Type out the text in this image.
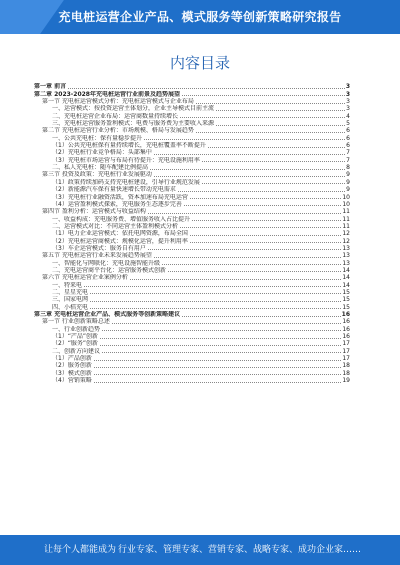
充电桩运营企业产品、模式服务等创新策略研究报告
内容目录
第一章 前言	3
第二章 2023-2028年充电桩运营行业前景及趋势展望	3
第一节 充电桩运营模式分析：充电桩运营模式与企业布局	3
一、运营模式：按投资运营主体划分，企业主导模式目前主流	3
二、充电桩运营企业布局：运营商数量持续增长	4
三、充电桩运营服务盈利模式：电费与服务费为主要收入来源	5
第二节 充电桩运营行业分析：市场规模、格局与发展趋势	6
一、公共充电桩：保有量稳步提升	6
（1）公共充电桩保有量持续增长，充电桩覆盖率不断提升	6
（2）充电桩行业竞争格局：头部集中	7
（3）充电桩市场运营与布局有待提升：充电设施利用率	7
二、私人充电桩：随车配建比例提高	8
第三节 投资及政策：充电桩行业发展驱动	9
（1）政策持续加码支持充电桩建设，引导行业规范发展	9
（2）新能源汽车保有量快速增长带动充电需求	9
（3）充电桩行业融资活跃，资本加速布局充电运营	10
（4）运营盈利模式探索，充电服务生态逐步完善	10
第四节 盈利分析：运营模式与收益结构	11
一、收益构成：充电服务费、增值服务收入占比提升	11
二、运营模式对比：不同运营主体盈利模式分析	11
（1）电力企业运营模式：依托电网资源，布局全国	12
（2）充电桩运营商模式：规模化运营，提升利用率	12
（3）车企运营模式：服务自有用户	13
第五节 充电桩运营行业未来发展趋势展望	13
一、智能化与网联化：充电设施智能升级	13
二、充电运营商平台化：运营服务模式创新	14
第六节 充电桩运营企业案例分析	14
一、特来电	14
二、星星充电	15
三、国家电网	15
四、小桔充电	15
第三章 充电桩运营企业产品、模式服务等创新策略建议	16
第一节 行业创新策略总述	16
一、行业创新趋势	16
（1）“产品”创新	16
（2）“服务”创新	17
二、创新方向建议	17
（1）产品创新	17
（2）服务创新	18
（3）模式创新	18
（4）营销策略	19
让每个人都能成为 行业专家、管理专家、营销专家、战略专家、成功企业家……
